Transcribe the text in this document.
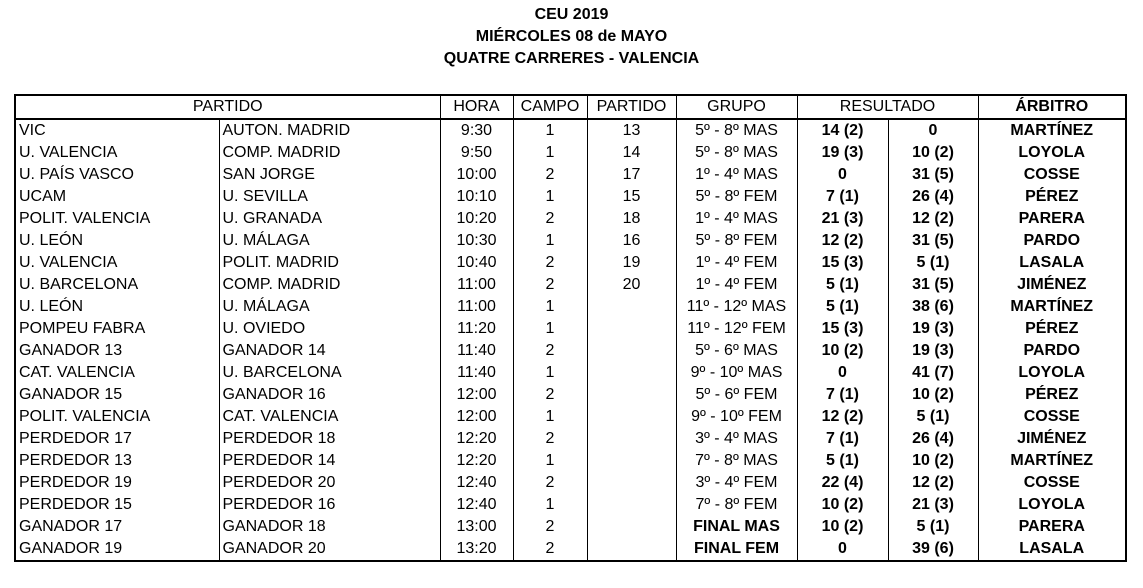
CEU 2019
MIÉRCOLES 08 de MAYO
QUATRE CARRERES - VALENCIA
PARTIDO		HORA	CAMPO	PARTIDO	GRUPO	RESULTADO		ÁRBITRO
VIC	AUTON. MADRID	9:30	1	13	5º - 8º MAS	14 (2)	0	MARTÍNEZ
U. VALENCIA	COMP. MADRID	9:50	1	14	5º - 8º MAS	19 (3)	10 (2)	LOYOLA
U. PAÍS VASCO	SAN JORGE	10:00	2	17	1º - 4º MAS	0	31 (5)	COSSE
UCAM	U. SEVILLA	10:10	1	15	5º - 8º FEM	7 (1)	26 (4)	PÉREZ
POLIT. VALENCIA	U. GRANADA	10:20	2	18	1º - 4º MAS	21 (3)	12 (2)	PARERA
U. LEÓN	U. MÁLAGA	10:30	1	16	5º - 8º FEM	12 (2)	31 (5)	PARDO
U. VALENCIA	POLIT. MADRID	10:40	2	19	1º - 4º FEM	15 (3)	5 (1)	LASALA
U. BARCELONA	COMP. MADRID	11:00	2	20	1º - 4º FEM	5 (1)	31 (5)	JIMÉNEZ
U. LEÓN	U. MÁLAGA	11:00	1		11º - 12º MAS	5 (1)	38 (6)	MARTÍNEZ
POMPEU FABRA	U. OVIEDO	11:20	1		11º - 12º FEM	15 (3)	19 (3)	PÉREZ
GANADOR 13	GANADOR 14	11:40	2		5º - 6º MAS	10 (2)	19 (3)	PARDO
CAT. VALENCIA	U. BARCELONA	11:40	1		9º - 10º MAS	0	41 (7)	LOYOLA
GANADOR 15	GANADOR 16	12:00	2		5º - 6º FEM	7 (1)	10 (2)	PÉREZ
POLIT. VALENCIA	CAT. VALENCIA	12:00	1		9º - 10º FEM	12 (2)	5 (1)	COSSE
PERDEDOR 17	PERDEDOR 18	12:20	2		3º - 4º MAS	7 (1)	26 (4)	JIMÉNEZ
PERDEDOR 13	PERDEDOR 14	12:20	1		7º - 8º MAS	5 (1)	10 (2)	MARTÍNEZ
PERDEDOR 19	PERDEDOR 20	12:40	2		3º - 4º FEM	22 (4)	12 (2)	COSSE
PERDEDOR 15	PERDEDOR 16	12:40	1		7º - 8º FEM	10 (2)	21 (3)	LOYOLA
GANADOR 17	GANADOR 18	13:00	2		FINAL MAS	10 (2)	5 (1)	PARERA
GANADOR 19	GANADOR 20	13:20	2		FINAL FEM	0	39 (6)	LASALA
